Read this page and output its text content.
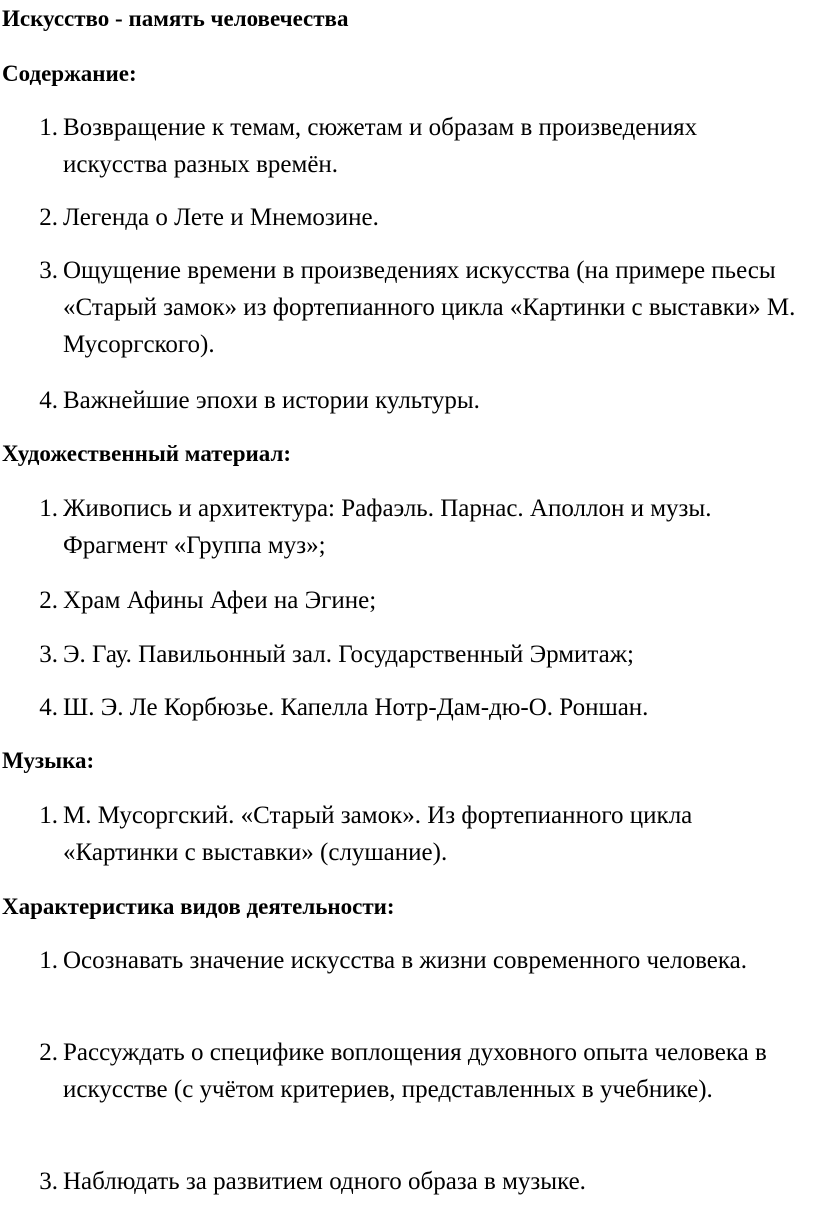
Искусство - память человечества
Содержание:
1. Возвращение к темам, сюжетам и образам в произведениях искусства разных времён.
2. Легенда о Лете и Мнемозине.
3. Ощущение времени в произведениях искусства (на примере пьесы «Старый замок» из фортепианного цикла «Картинки с выставки» М. Мусоргского).
4. Важнейшие эпохи в истории культуры.
Художественный материал:
1. Живопись и архитектура: Рафаэль. Парнас. Аполлон и музы. Фрагмент «Группа муз»;
2. Храм Афины Афеи на Эгине;
3. Э. Гау. Павильонный зал. Государственный Эрмитаж;
4. Ш. Э. Ле Корбюзье. Капелла Нотр-Дам-дю-О. Роншан.
Музыка:
1. М. Мусоргский. «Старый замок». Из фортепианного цикла «Картинки с выставки» (слушание).
Характеристика видов деятельности:
1. Осознавать значение искусства в жизни современного человека.
2. Рассуждать о специфике воплощения духовного опыта человека в искусстве (с учётом критериев, представленных в учебнике).
3. Наблюдать за развитием одного образа в музыке.
